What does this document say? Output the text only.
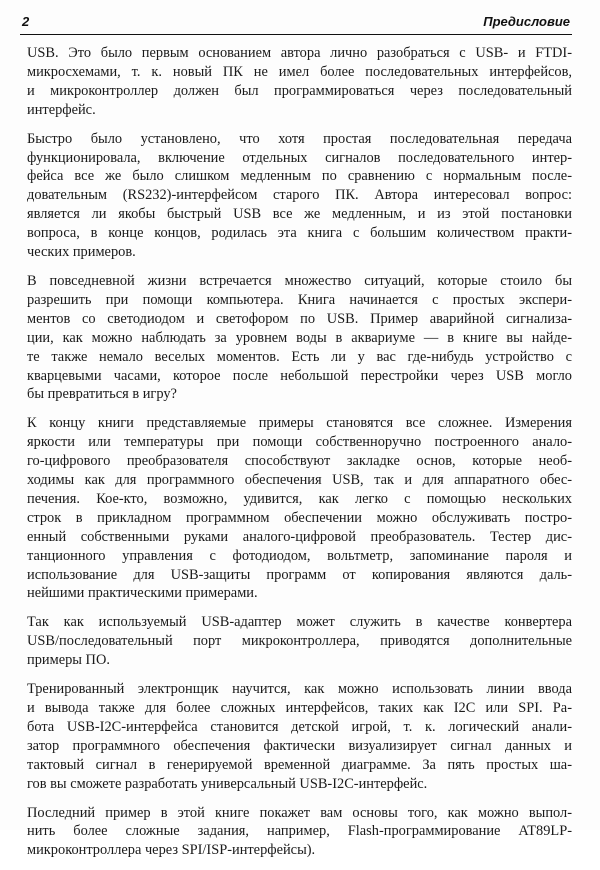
2	Предисловие
USB. Это было первым основанием автора лично разобраться с USB- и FTDI-
микросхемами, т. к. новый ПК не имел более последовательных интерфейсов,
и микроконтроллер должен был программироваться через последовательный
интерфейс.
Быстро было установлено, что хотя простая последовательная передача
функционировала, включение отдельных сигналов последовательного интер-
фейса все же было слишком медленным по сравнению с нормальным после-
довательным (RS232)-интерфейсом старого ПК. Автора интересовал вопрос:
является ли якобы быстрый USB все же медленным, и из этой постановки
вопроса, в конце концов, родилась эта книга с большим количеством практи-
ческих примеров.
В повседневной жизни встречается множество ситуаций, которые стоило бы
разрешить при помощи компьютера. Книга начинается с простых экспери-
ментов со светодиодом и светофором по USB. Пример аварийной сигнализа-
ции, как можно наблюдать за уровнем воды в аквариуме — в книге вы найде-
те также немало веселых моментов. Есть ли у вас где-нибудь устройство с
кварцевыми часами, которое после небольшой перестройки через USB могло
бы превратиться в игру?
К концу книги представляемые примеры становятся все сложнее. Измерения
яркости или температуры при помощи собственноручно построенного анало-
го-цифрового преобразователя способствуют закладке основ, которые необ-
ходимы как для программного обеспечения USB, так и для аппаратного обес-
печения. Кое-кто, возможно, удивится, как легко с помощью нескольких
строк в прикладном программном обеспечении можно обслуживать постро-
енный собственными руками аналого-цифровой преобразователь. Тестер дис-
танционного управления с фотодиодом, вольтметр, запоминание пароля и
использование для USB-защиты программ от копирования являются даль-
нейшими практическими примерами.
Так как используемый USB-адаптер может служить в качестве конвертера
USB/последовательный порт микроконтроллера, приводятся дополнительные
примеры ПО.
Тренированный электронщик научится, как можно использовать линии ввода
и вывода также для более сложных интерфейсов, таких как I2C или SPI. Ра-
бота USB-I2C-интерфейса становится детской игрой, т. к. логический анали-
затор программного обеспечения фактически визуализирует сигнал данных и
тактовый сигнал в генерируемой временной диаграмме. За пять простых ша-
гов вы сможете разработать универсальный USB-I2C-интерфейс.
Последний пример в этой книге покажет вам основы того, как можно выпол-
нить более сложные задания, например, Flash-программирование AT89LP-
микроконтроллера через SPI/ISP-интерфейсы).
